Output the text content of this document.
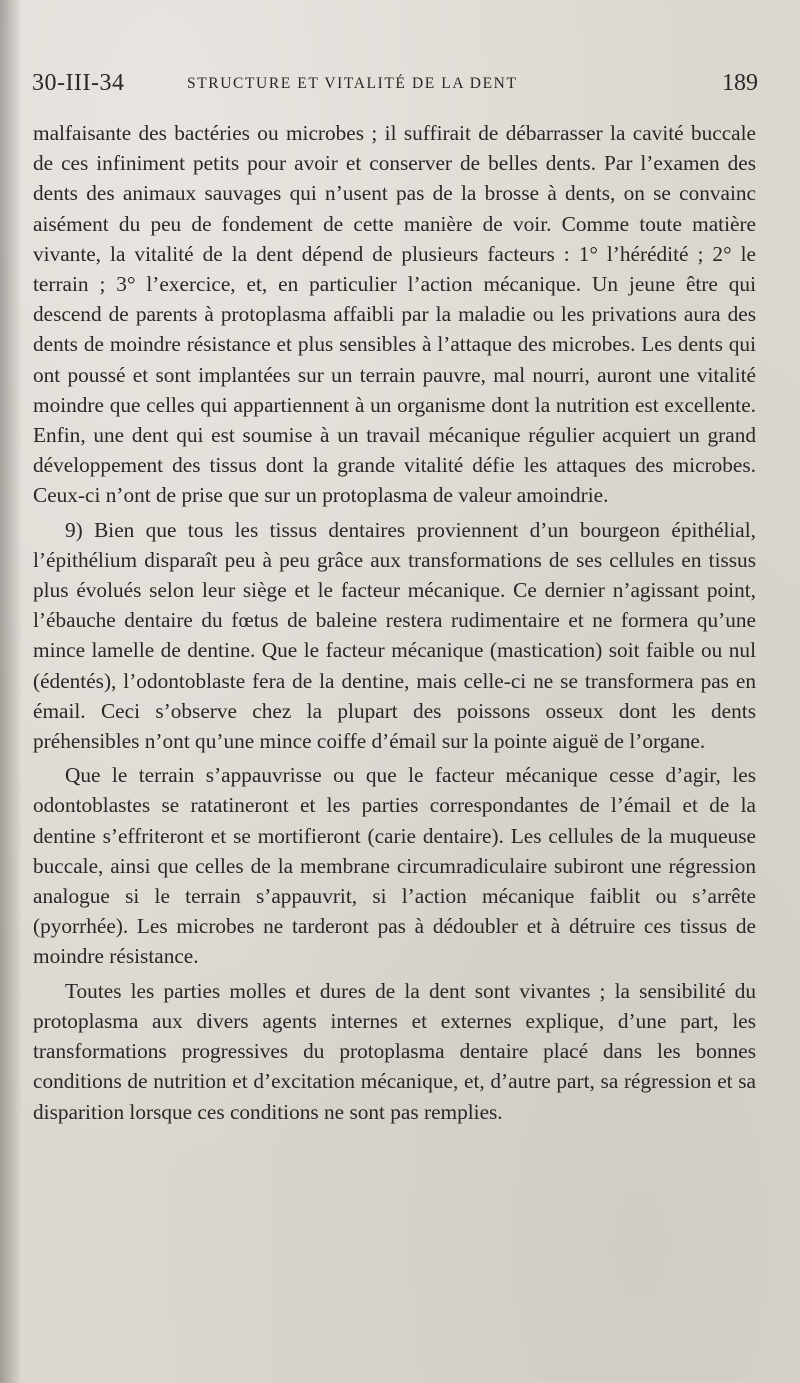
30-III-34	STRUCTURE ET VITALITÉ DE LA DENT	189

malfaisante des bactéries ou microbes ; il suffirait de débarrasser la cavité buccale de ces infiniment petits pour avoir et conserver de belles dents. Par l’examen des dents des animaux sauvages qui n’usent pas de la brosse à dents, on se convainc aisément du peu de fondement de cette manière de voir. Comme toute matière vivante, la vitalité de la dent dépend de plusieurs facteurs : 1° l’hérédité ; 2° le terrain ; 3° l’exercice, et, en particulier l’action mécanique. Un jeune être qui descend de parents à protoplasma affaibli par la maladie ou les privations aura des dents de moindre résistance et plus sensibles à l’attaque des microbes. Les dents qui ont poussé et sont implantées sur un terrain pauvre, mal nourri, auront une vitalité moindre que celles qui appartiennent à un organisme dont la nutrition est excellente. Enfin, une dent qui est soumise à un travail mécanique régulier acquiert un grand développement des tissus dont la grande vitalité défie les attaques des microbes. Ceux-ci n’ont de prise que sur un protoplasma de valeur amoindrie.

9) Bien que tous les tissus dentaires proviennent d’un bourgeon épithélial, l’épithélium disparaît peu à peu grâce aux transformations de ses cellules en tissus plus évolués selon leur siège et le facteur mécanique. Ce dernier n’agissant point, l’ébauche dentaire du fœtus de baleine restera rudimentaire et ne formera qu’une mince lamelle de dentine. Que le facteur mécanique (mastication) soit faible ou nul (édentés), l’odontoblaste fera de la dentine, mais celle-ci ne se transformera pas en émail. Ceci s’observe chez la plupart des poissons osseux dont les dents préhensibles n’ont qu’une mince coiffe d’émail sur la pointe aiguë de l’organe.

Que le terrain s’appauvrisse ou que le facteur mécanique cesse d’agir, les odontoblastes se ratatineront et les parties correspondantes de l’émail et de la dentine s’effriteront et se mortifieront (carie dentaire). Les cellules de la muqueuse buccale, ainsi que celles de la membrane circumradiculaire subiront une régression analogue si le terrain s’appauvrit, si l’action mécanique faiblit ou s’arrête (pyorrhée). Les microbes ne tarderont pas à dédoubler et à détruire ces tissus de moindre résistance.

Toutes les parties molles et dures de la dent sont vivantes ; la sensibilité du protoplasma aux divers agents internes et externes explique, d’une part, les transformations progressives du protoplasma dentaire placé dans les bonnes conditions de nutrition et d’excitation mécanique, et, d’autre part, sa régression et sa disparition lorsque ces conditions ne sont pas remplies.
